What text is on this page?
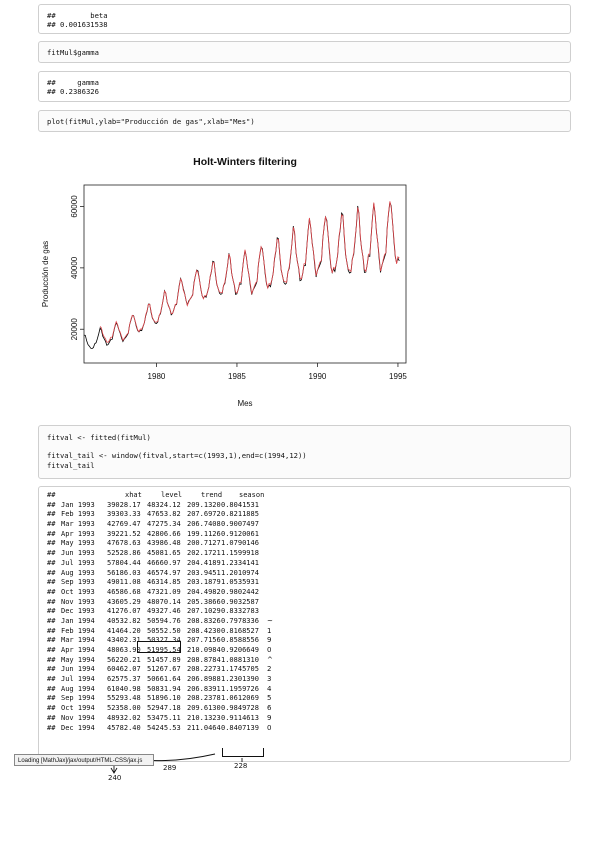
##        beta
## 0.001631538
fitMul$gamma
##     gamma
## 0.2386326
plot(fitMul,ylab="Producción de gas",xlab="Mes")
Holt-Winters filtering
20000
40000
60000
1980	1985	1990	1995
Mes
Producción de gas
fitval <- fitted(fitMul)
fitval_tail <- window(fitval,start=c(1993,1),end=c(1994,12))
fitval_tail
##	xhat	level	trend season
## Jan 1993 39028.17 48324.12 209.1320 0.8041531
## Feb 1993 39303.33 47653.82 207.6972 0.8211885
## Mar 1993 42769.47 47275.34 206.7408 0.9007497
## Apr 1993 39221.52 42806.66 199.1126 0.9120061
## May 1993 47678.63 43986.48 200.7127 1.0790146
## Jun 1993 52528.86 45081.65 202.1721 1.1599918
## Jul 1993 57804.44 46660.97 204.4189 1.2334141
## Aug 1993 56186.03 46574.97 203.9451 1.2010974
## Sep 1993 49011.08 46314.85 203.1879 1.0535931
## Oct 1993 46586.68 47321.09 204.4982 0.9802442
## Nov 1993 43605.29 48070.14 205.3866 0.9032587
## Dec 1993 41276.07 49327.46 207.1029 0.8332783
## Jan 1994 40532.82 50594.76 208.8326 0.7978336 ~
## Feb 1994 41464.20 50552.50 208.4230 0.8168527 1
## Mar 1994 43402.31 50327.34 207.7156 0.8588556 9
## Apr 1994 48063.90 51995.54 210.0984 0.9206649 0
## May 1994 56220.21 51457.89 208.8784 1.0881310 ^
## Jun 1994 60462.07 51267.67 208.2273 1.1745705 2
## Jul 1994 62575.37 50661.64 206.8988 1.2301390 3
## Aug 1994 61040.98 50831.94 206.8391 1.1959726 4
## Sep 1994 55293.48 51896.10 208.2378 1.0612069 5
## Oct 1994 52358.00 52947.18 209.6130 0.9849728 6
## Nov 1994 48932.02 53475.11 210.1323 0.9114613 9
## Dec 1994 45782.40 54245.53 211.0464 0.8407139 0
240
289	228
Loading [MathJax]/jax/output/HTML-CSS/jax.js
